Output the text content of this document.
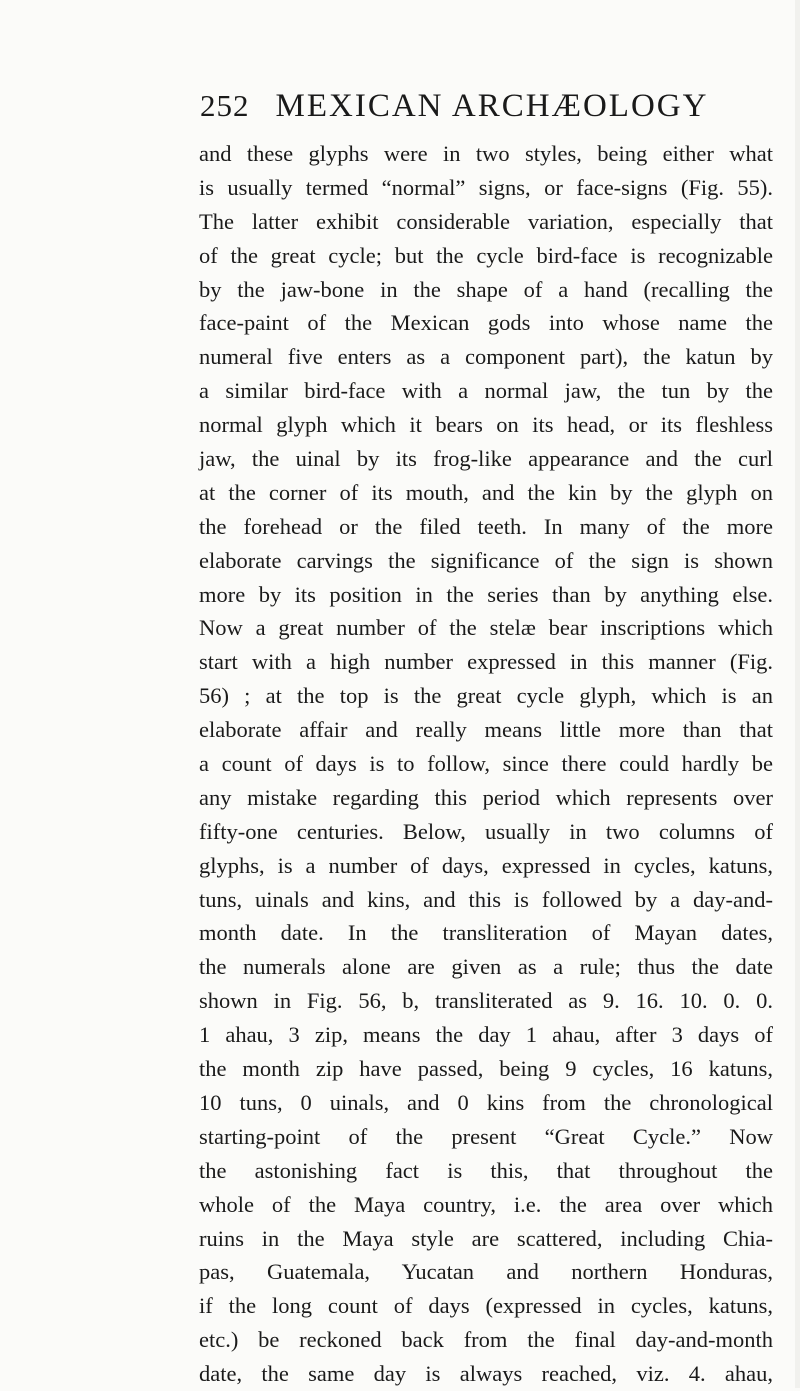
252 MEXICAN ARCHÆOLOGY
and these glyphs were in two styles, being either what
is usually termed “normal” signs, or face-signs (Fig. 55).
The latter exhibit considerable variation, especially that
of the great cycle; but the cycle bird-face is recognizable
by the jaw-bone in the shape of a hand (recalling the
face-paint of the Mexican gods into whose name the
numeral five enters as a component part), the katun by
a similar bird-face with a normal jaw, the tun by the
normal glyph which it bears on its head, or its fleshless
jaw, the uinal by its frog-like appearance and the curl
at the corner of its mouth, and the kin by the glyph on
the forehead or the filed teeth. In many of the more
elaborate carvings the significance of the sign is shown
more by its position in the series than by anything else.
Now a great number of the stelæ bear inscriptions which
start with a high number expressed in this manner (Fig.
56) ; at the top is the great cycle glyph, which is an
elaborate affair and really means little more than that
a count of days is to follow, since there could hardly be
any mistake regarding this period which represents over
fifty-one centuries. Below, usually in two columns of
glyphs, is a number of days, expressed in cycles, katuns,
tuns, uinals and kins, and this is followed by a day-and-
month date. In the transliteration of Mayan dates,
the numerals alone are given as a rule; thus the date
shown in Fig. 56, b, transliterated as 9. 16. 10. 0. 0.
1 ahau, 3 zip, means the day 1 ahau, after 3 days of
the month zip have passed, being 9 cycles, 16 katuns,
10 tuns, 0 uinals, and 0 kins from the chronological
starting-point of the present “Great Cycle.” Now
the astonishing fact is this, that throughout the
whole of the Maya country, i.e. the area over which
ruins in the Maya style are scattered, including Chia-
pas, Guatemala, Yucatan and northern Honduras,
if the long count of days (expressed in cycles, katuns,
etc.) be reckoned back from the final day-and-month
date, the same day is always reached, viz. 4. ahau,
